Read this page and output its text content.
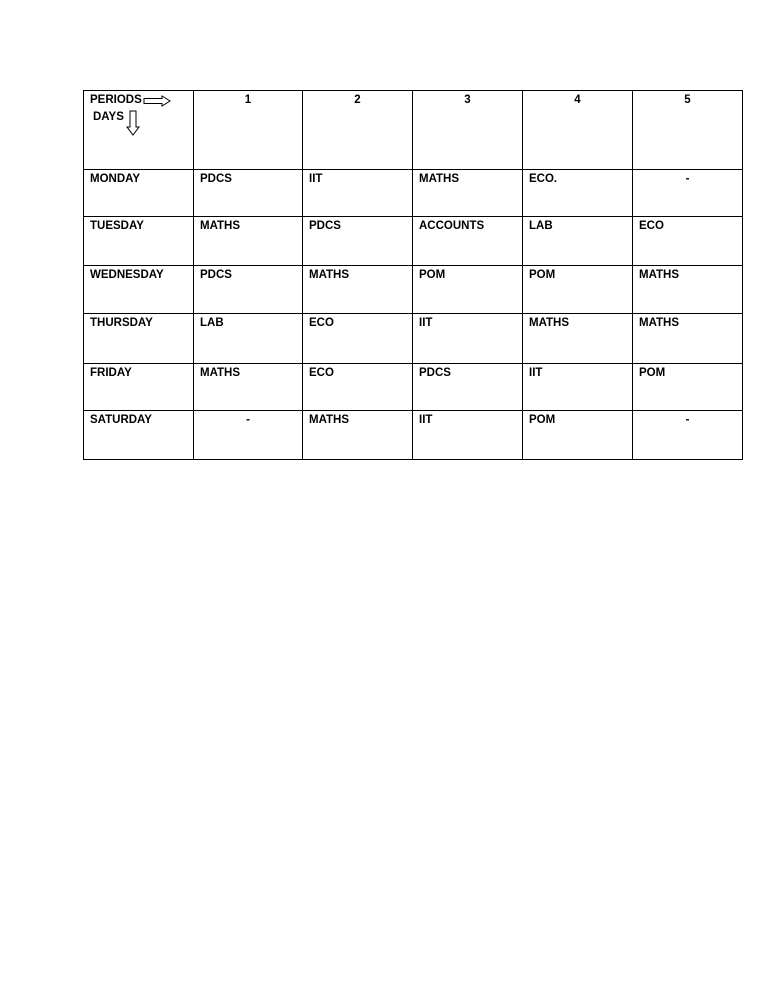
PERIODS
DAYS	1	2	3	4	5

MONDAY	PDCS	IIT	MATHS	ECO.	-

TUESDAY	MATHS	PDCS	ACCOUNTS	LAB	ECO

WEDNESDAY	PDCS	MATHS	POM	POM	MATHS

THURSDAY	LAB	ECO	IIT	MATHS	MATHS

FRIDAY	MATHS	ECO	PDCS	IIT	POM

SATURDAY	-	MATHS	IIT	POM	-
